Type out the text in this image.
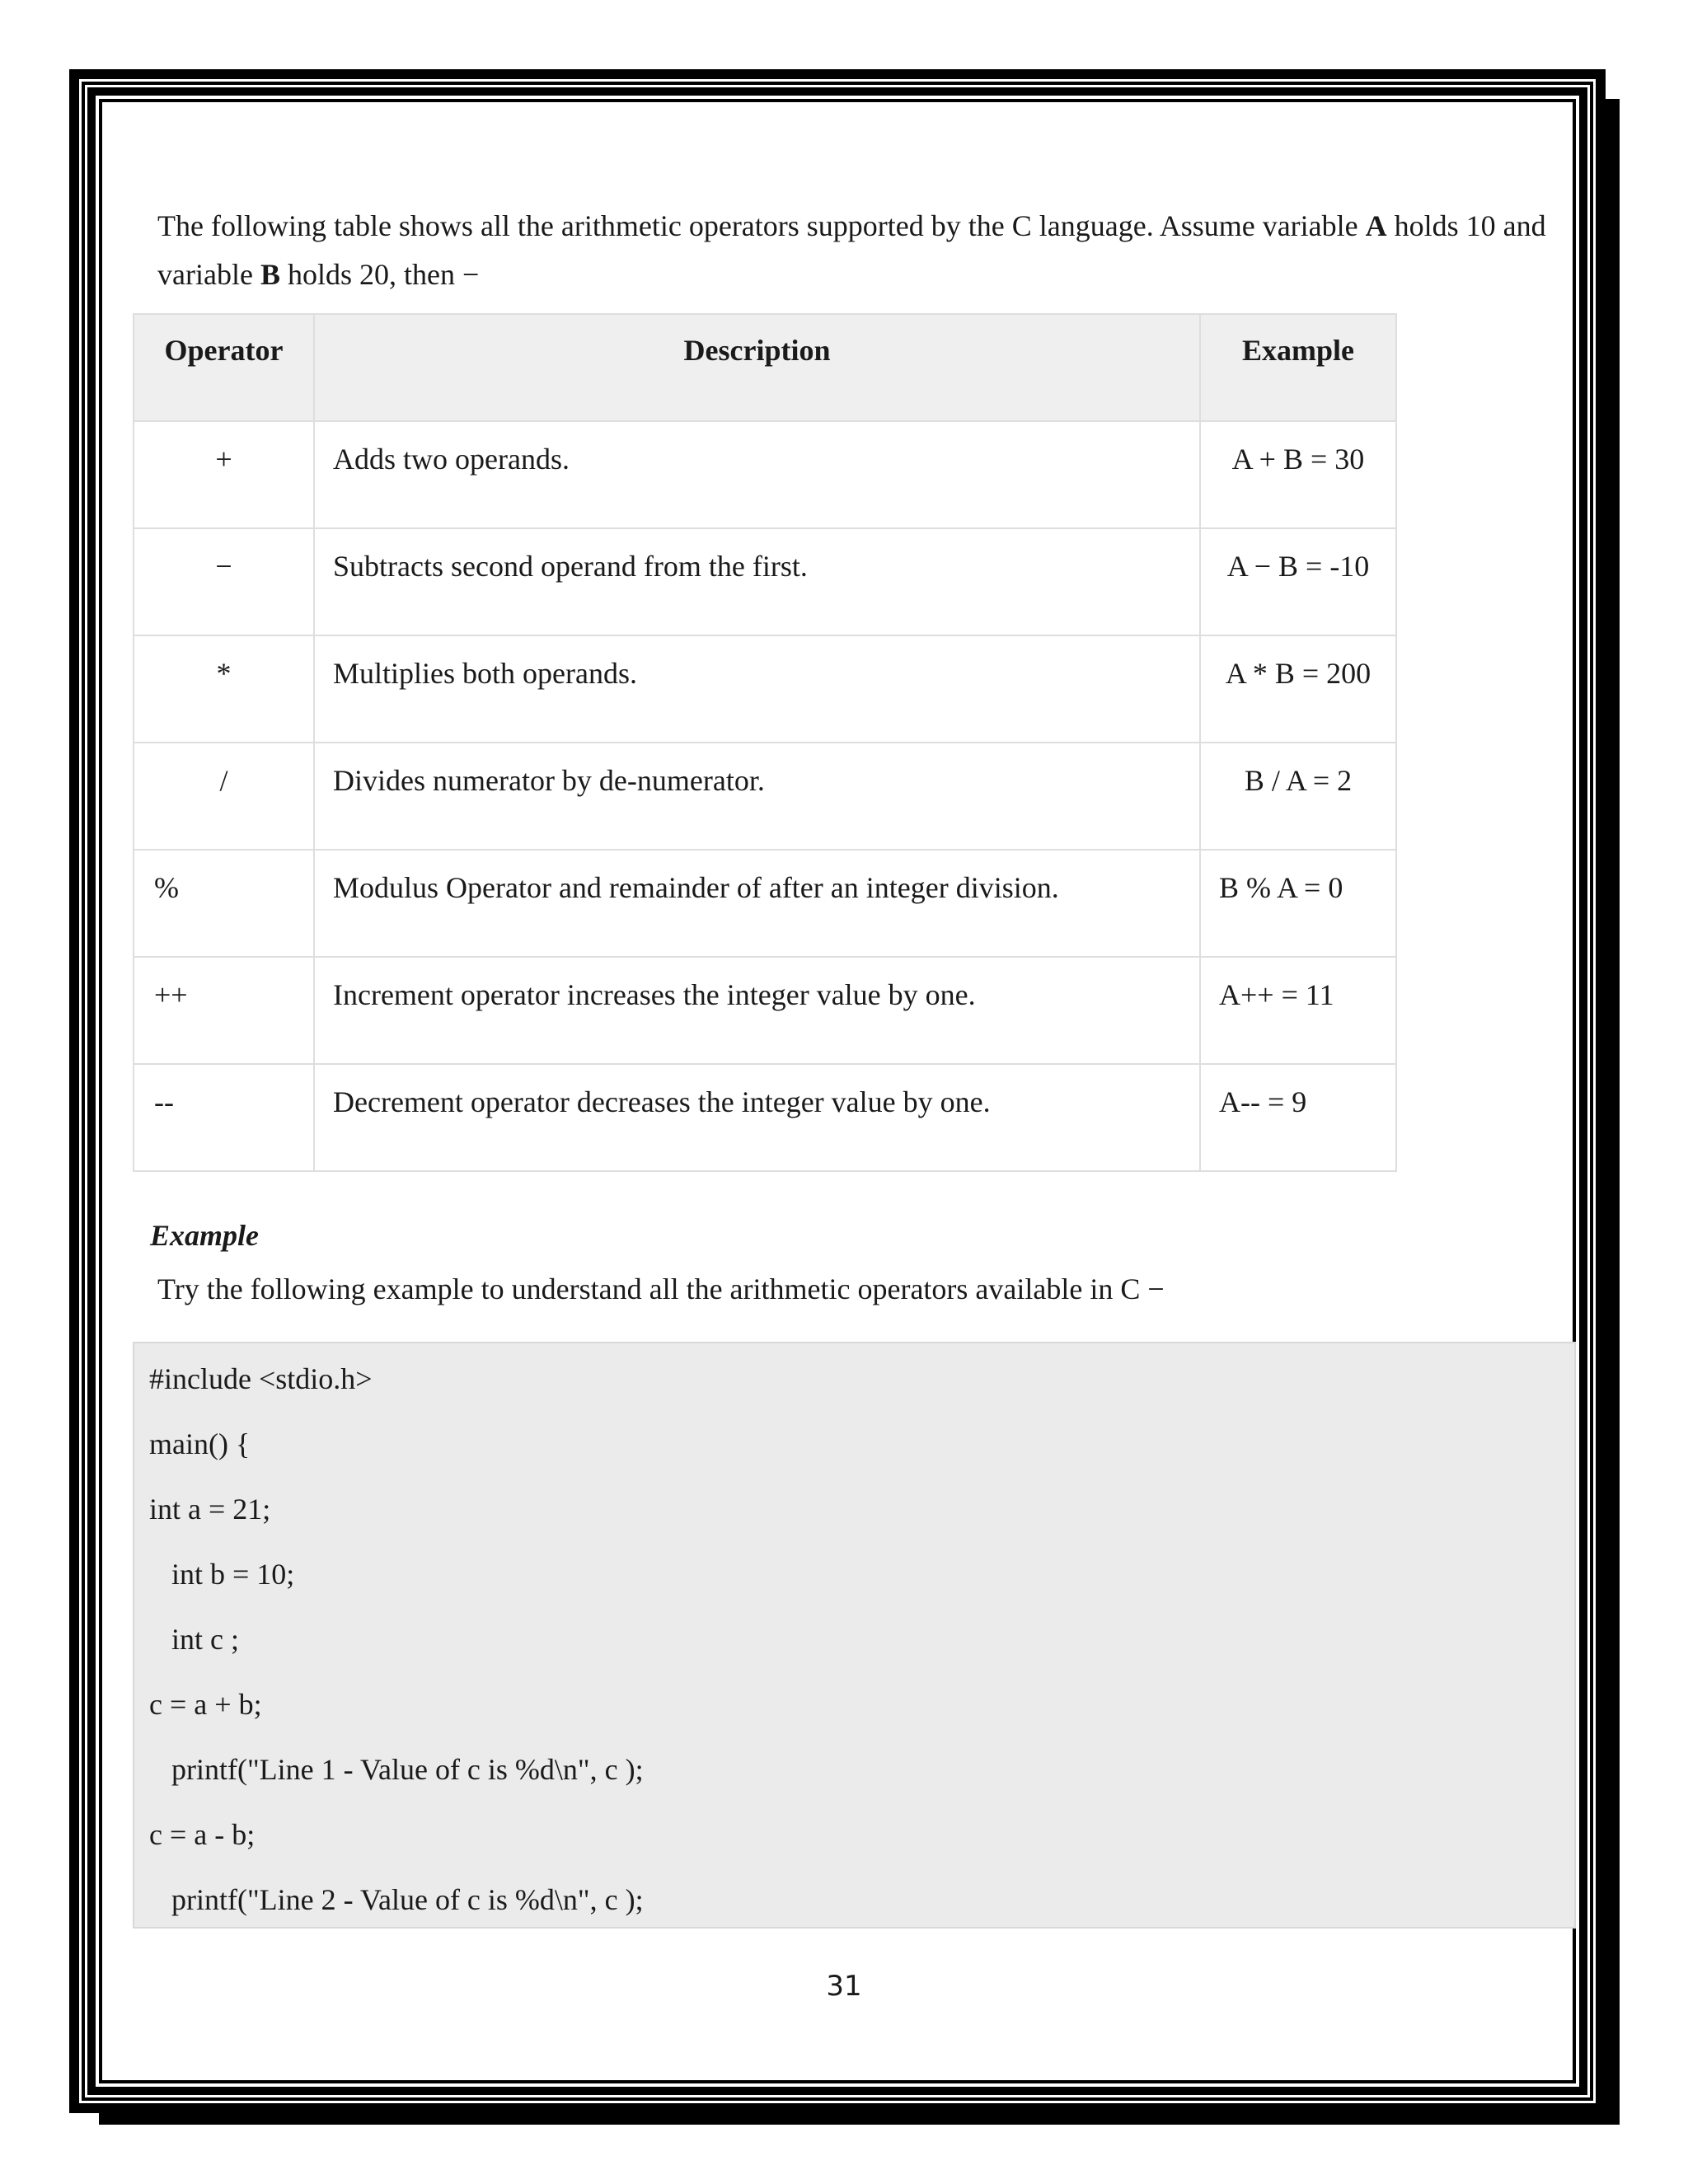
The following table shows all the arithmetic operators supported by the C language. Assume variable A holds 10 and variable B holds 20, then −

Operator	Description	Example
+	Adds two operands.	A + B = 30
−	Subtracts second operand from the first.	A − B = -10
*	Multiplies both operands.	A * B = 200
/	Divides numerator by de-numerator.	B / A = 2
%	Modulus Operator and remainder of after an integer division.	B % A = 0
++	Increment operator increases the integer value by one.	A++ = 11
--	Decrement operator decreases the integer value by one.	A-- = 9
Example
Try the following example to understand all the arithmetic operators available in C −
#include <stdio.h>
main() {
int a = 21;
int b = 10;
int c ;
c = a + b;
printf("Line 1 - Value of c is %d\n", c );
c = a - b;
printf("Line 2 - Value of c is %d\n", c );
31
